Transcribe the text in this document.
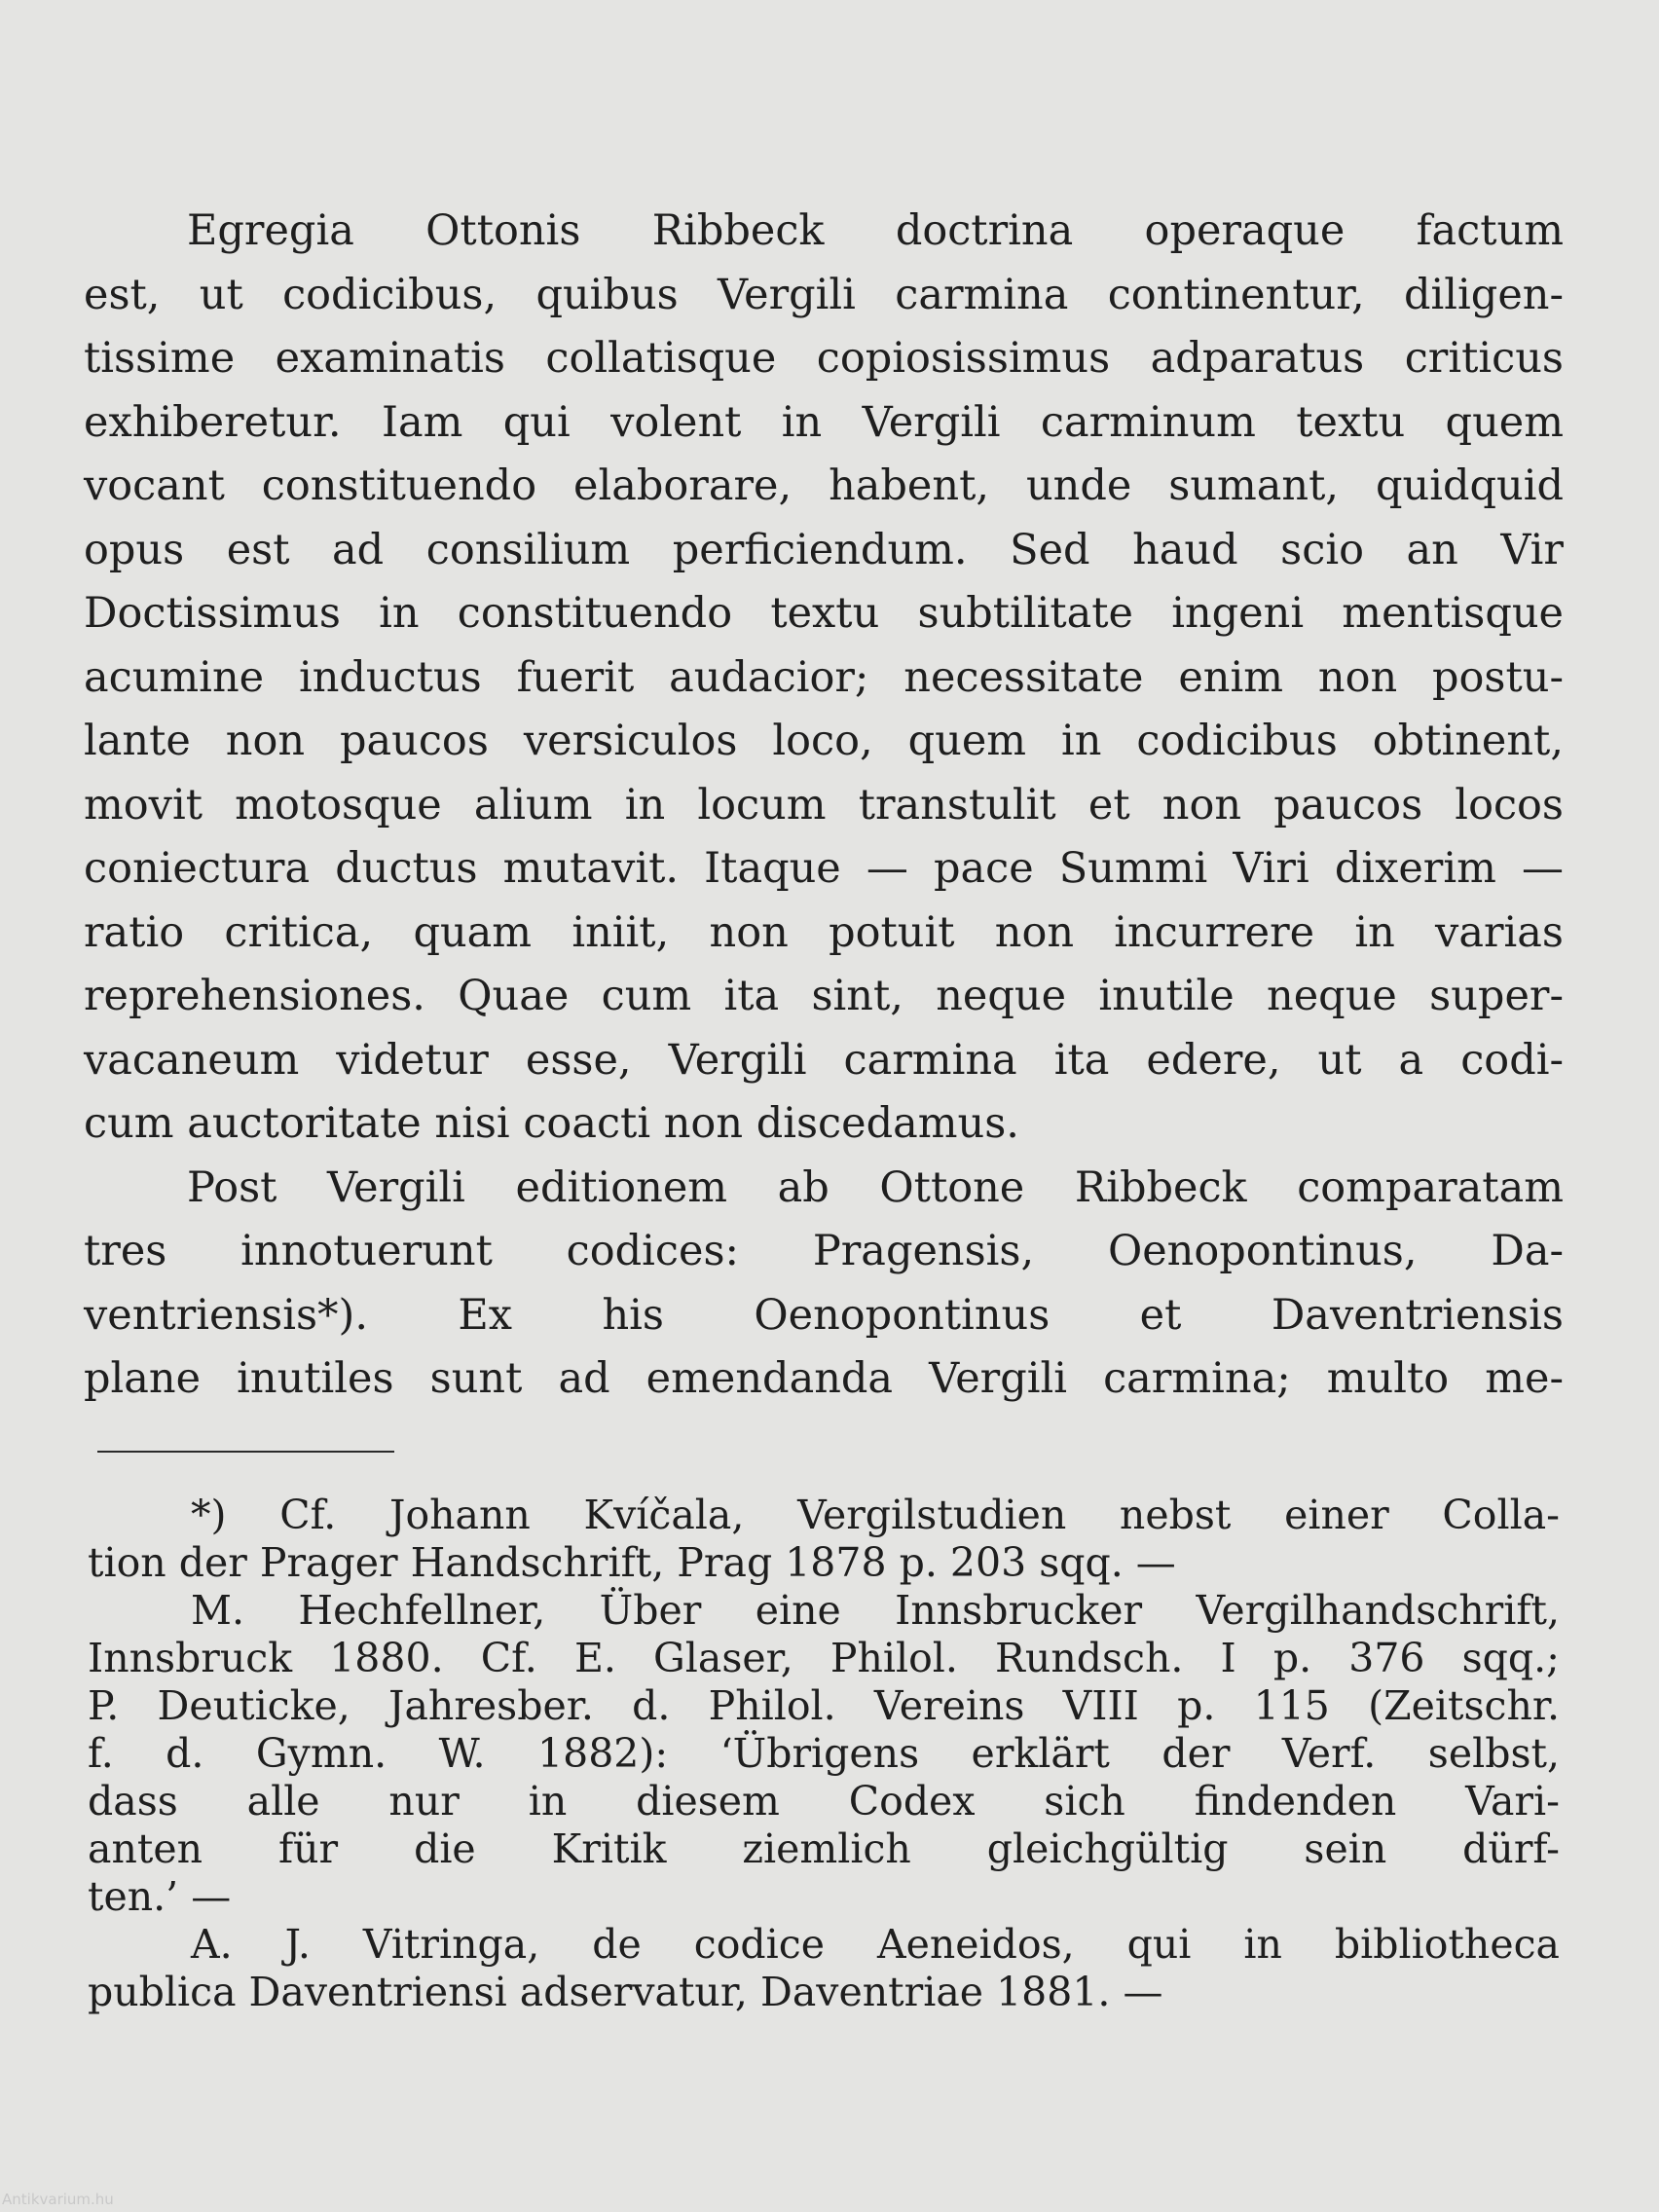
Egregia Ottonis Ribbeck doctrina operaque factum
est, ut codicibus, quibus Vergili carmina continentur, diligen-
tissime examinatis collatisque copiosissimus adparatus criticus
exhiberetur. Iam qui volent in Vergili carminum textu quem
vocant constituendo elaborare, habent, unde sumant, quidquid
opus est ad consilium perficiendum. Sed haud scio an Vir
Doctissimus in constituendo textu subtilitate ingeni mentisque
acumine inductus fuerit audacior; necessitate enim non postu-
lante non paucos versiculos loco, quem in codicibus obtinent,
movit motosque alium in locum transtulit et non paucos locos
coniectura ductus mutavit. Itaque — pace Summi Viri dixerim —
ratio critica, quam iniit, non potuit non incurrere in varias
reprehensiones. Quae cum ita sint, neque inutile neque super-
vacaneum videtur esse, Vergili carmina ita edere, ut a codi-
cum auctoritate nisi coacti non discedamus.
Post Vergili editionem ab Ottone Ribbeck comparatam
tres innotuerunt codices: Pragensis, Oenopontinus, Da-
ventriensis*). Ex his Oenopontinus et Daventriensis
plane inutiles sunt ad emendanda Vergili carmina; multo me-
*) Cf. Johann Kvíčala, Vergilstudien nebst einer Colla-
tion der Prager Handschrift, Prag 1878 p. 203 sqq. —
M. Hechfellner, Über eine Innsbrucker Vergilhandschrift,
Innsbruck 1880. Cf. E. Glaser, Philol. Rundsch. I p. 376 sqq.;
P. Deuticke, Jahresber. d. Philol. Vereins VIII p. 115 (Zeitschr.
f. d. Gymn. W. 1882): ‘Übrigens erklärt der Verf. selbst,
dass alle nur in diesem Codex sich findenden Vari-
anten für die Kritik ziemlich gleichgültig sein dürf-
ten.’ —
A. J. Vitringa, de codice Aeneidos, qui in bibliotheca
publica Daventriensi adservatur, Daventriae 1881. —
Antikvarium.hu
